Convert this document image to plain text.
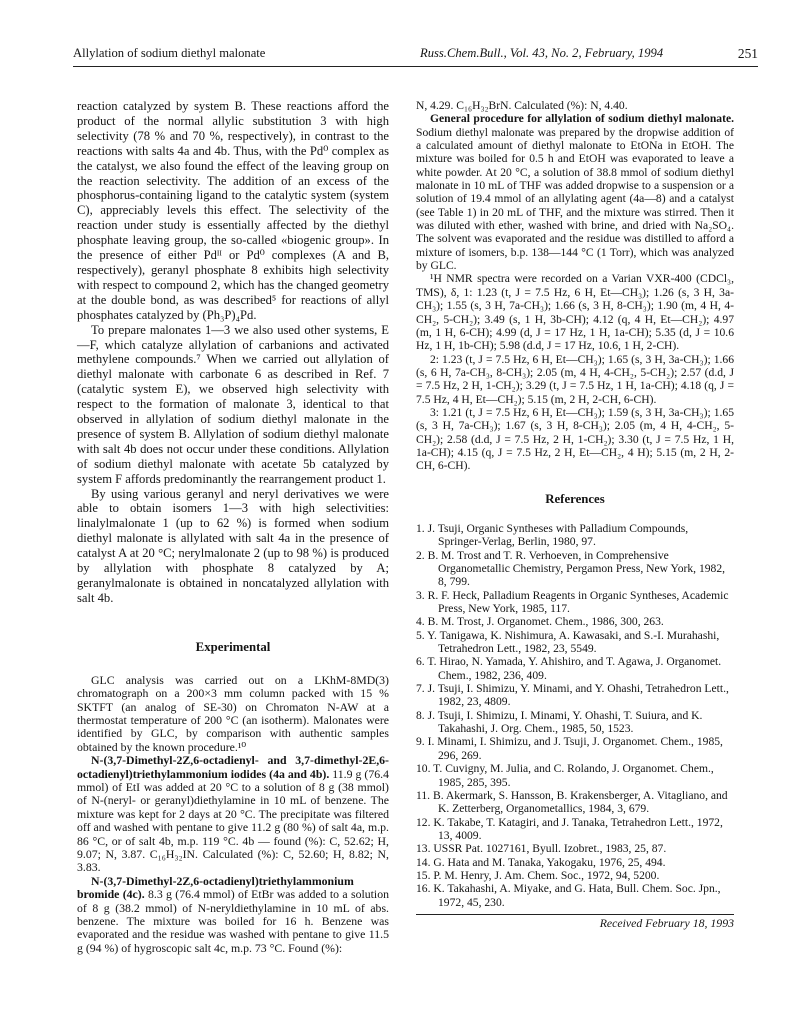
Allylation of sodium diethyl malonate	Russ.Chem.Bull., Vol. 43, No. 2, February, 1994	251

reaction catalyzed by system B. These reactions afford the product of the normal allylic substitution 3 with high selectivity (78 % and 70 %, respectively), in contrast to the reactions with salts 4a and 4b. Thus, with the Pd⁰ complex as the catalyst, we also found the effect of the leaving group on the reaction selectivity. The addition of an excess of the phosphorus-containing ligand to the catalytic system (system C), appreciably levels this effect. The selectivity of the reaction under study is essentially affected by the diethyl phosphate leaving group, the so-called «biogenic group». In the presence of either Pdᴵᴵ or Pd⁰ complexes (A and B, respectively), geranyl phosphate 8 exhibits high selectivity with respect to compound 2, which has the changed geometry at the double bond, as was described⁵ for reactions of allyl phosphates catalyzed by (Ph₃P)₄Pd.

To prepare malonates 1—3 we also used other systems, E—F, which catalyze allylation of carbanions and activated methylene compounds.⁷ When we carried out allylation of diethyl malonate with carbonate 6 as described in Ref. 7 (catalytic system E), we observed high selectivity with respect to the formation of malonate 3, identical to that observed in allylation of sodium diethyl malonate in the presence of system B. Allylation of sodium diethyl malonate with salt 4b does not occur under these conditions. Allylation of sodium diethyl malonate with acetate 5b catalyzed by system F affords predominantly the rearrangement product 1.

By using various geranyl and neryl derivatives we were able to obtain isomers 1—3 with high selectivities: linalylmalonate 1 (up to 62 %) is formed when sodium diethyl malonate is allylated with salt 4a in the presence of catalyst A at 20 °C; nerylmalonate 2 (up to 98 %) is produced by allylation with phosphate 8 catalyzed by A; geranylmalonate is obtained in noncatalyzed allylation with salt 4b.

Experimental

GLC analysis was carried out on a LKhM-8MD(3) chromatograph on a 200×3 mm column packed with 15 % SKTFT (an analog of SE-30) on Chromaton N-AW at a thermostat temperature of 200 °C (an isotherm). Malonates were identified by GLC, by comparison with authentic samples obtained by the known procedure.¹⁰

N-(3,7-Dimethyl-2Z,6-octadienyl- and 3,7-dimethyl-2E,6-octadienyl)triethylammonium iodides (4a and 4b). 11.9 g (76.4 mmol) of EtI was added at 20 °C to a solution of 8 g (38 mmol) of N-(neryl- or geranyl)diethylamine in 10 mL of benzene. The mixture was kept for 2 days at 20 °C. The precipitate was filtered off and washed with pentane to give 11.2 g (80 %) of salt 4a, m.p. 86 °C, or of salt 4b, m.p. 119 °C. 4b — found (%): C, 52.62; H, 9.07; N, 3.87. C₁₆H₃₂IN. Calculated (%): C, 52.60; H, 8.82; N, 3.83.

N-(3,7-Dimethyl-2Z,6-octadienyl)triethylammonium bromide (4c). 8.3 g (76.4 mmol) of EtBr was added to a solution of 8 g (38.2 mmol) of N-neryldiethylamine in 10 mL of abs. benzene. The mixture was boiled for 16 h. Benzene was evaporated and the residue was washed with pentane to give 11.5 g (94 %) of hygroscopic salt 4c, m.p. 73 °C. Found (%):

N, 4.29. C₁₆H₃₂BrN. Calculated (%): N, 4.40.

General procedure for allylation of sodium diethyl malonate. Sodium diethyl malonate was prepared by the dropwise addition of a calculated amount of diethyl malonate to EtONa in EtOH. The mixture was boiled for 0.5 h and EtOH was evaporated to leave a white powder. At 20 °C, a solution of 38.8 mmol of sodium diethyl malonate in 10 mL of THF was added dropwise to a suspension or a solution of 19.4 mmol of an allylating agent (4a—8) and a catalyst (see Table 1) in 20 mL of THF, and the mixture was stirred. Then it was diluted with ether, washed with brine, and dried with Na₂SO₄. The solvent was evaporated and the residue was distilled to afford a mixture of isomers, b.p. 138—144 °C (1 Torr), which was analyzed by GLC.

¹H NMR spectra were recorded on a Varian VXR-400 (CDCl₃, TMS), δ, 1: 1.23 (t, J = 7.5 Hz, 6 H, Et—CH₃); 1.26 (s, 3 H, 3a-CH₃); 1.55 (s, 3 H, 7a-CH₃); 1.66 (s, 3 H, 8-CH₃); 1.90 (m, 4 H, 4-CH₂, 5-CH₂); 3.49 (s, 1 H, 3b-CH); 4.12 (q, 4 H, Et—CH₂); 4.97 (m, 1 H, 6-CH); 4.99 (d, J = 17 Hz, 1 H, 1a-CH); 5.35 (d, J = 10.6 Hz, 1 H, 1b-CH); 5.98 (d.d, J = 17 Hz, 10.6, 1 H, 2-CH).

2: 1.23 (t, J = 7.5 Hz, 6 H, Et—CH₃); 1.65 (s, 3 H, 3a-CH₃); 1.66 (s, 6 H, 7a-CH₃, 8-CH₃); 2.05 (m, 4 H, 4-CH₂, 5-CH₂); 2.57 (d.d, J = 7.5 Hz, 2 H, 1-CH₂); 3.29 (t, J = 7.5 Hz, 1 H, 1a-CH); 4.18 (q, J = 7.5 Hz, 4 H, Et—CH₂); 5.15 (m, 2 H, 2-CH, 6-CH).

3: 1.21 (t, J = 7.5 Hz, 6 H, Et—CH₃); 1.59 (s, 3 H, 3a-CH₃); 1.65 (s, 3 H, 7a-CH₃); 1.67 (s, 3 H, 8-CH₃); 2.05 (m, 4 H, 4-CH₂, 5-CH₂); 2.58 (d.d, J = 7.5 Hz, 2 H, 1-CH₂); 3.30 (t, J = 7.5 Hz, 1 H, 1a-CH); 4.15 (q, J = 7.5 Hz, 2 H, Et—CH₂, 4 H); 5.15 (m, 2 H, 2-CH, 6-CH).

References

1. J. Tsuji, Organic Syntheses with Palladium Compounds, Springer-Verlag, Berlin, 1980, 97.
2. B. M. Trost and T. R. Verhoeven, in Comprehensive Organometallic Chemistry, Pergamon Press, New York, 1982, 8, 799.
3. R. F. Heck, Palladium Reagents in Organic Syntheses, Academic Press, New York, 1985, 117.
4. B. M. Trost, J. Organomet. Chem., 1986, 300, 263.
5. Y. Tanigawa, K. Nishimura, A. Kawasaki, and S.-I. Murahashi, Tetrahedron Lett., 1982, 23, 5549.
6. T. Hirao, N. Yamada, Y. Ahishiro, and T. Agawa, J. Organomet. Chem., 1982, 236, 409.
7. J. Tsuji, I. Shimizu, Y. Minami, and Y. Ohashi, Tetrahedron Lett., 1982, 23, 4809.
8. J. Tsuji, I. Shimizu, I. Minami, Y. Ohashi, T. Suiura, and K. Takahashi, J. Org. Chem., 1985, 50, 1523.
9. I. Minami, I. Shimizu, and J. Tsuji, J. Organomet. Chem., 1985, 296, 269.
10. T. Cuvigny, M. Julia, and C. Rolando, J. Organomet. Chem., 1985, 285, 395.
11. B. Akermark, S. Hansson, B. Krakensberger, A. Vitagliano, and K. Zetterberg, Organometallics, 1984, 3, 679.
12. K. Takabe, T. Katagiri, and J. Tanaka, Tetrahedron Lett., 1972, 13, 4009.
13. USSR Pat. 1027161, Byull. Izobret., 1983, 25, 87.
14. G. Hata and M. Tanaka, Yakogaku, 1976, 25, 494.
15. P. M. Henry, J. Am. Chem. Soc., 1972, 94, 5200.
16. K. Takahashi, A. Miyake, and G. Hata, Bull. Chem. Soc. Jpn., 1972, 45, 230.

Received February 18, 1993
